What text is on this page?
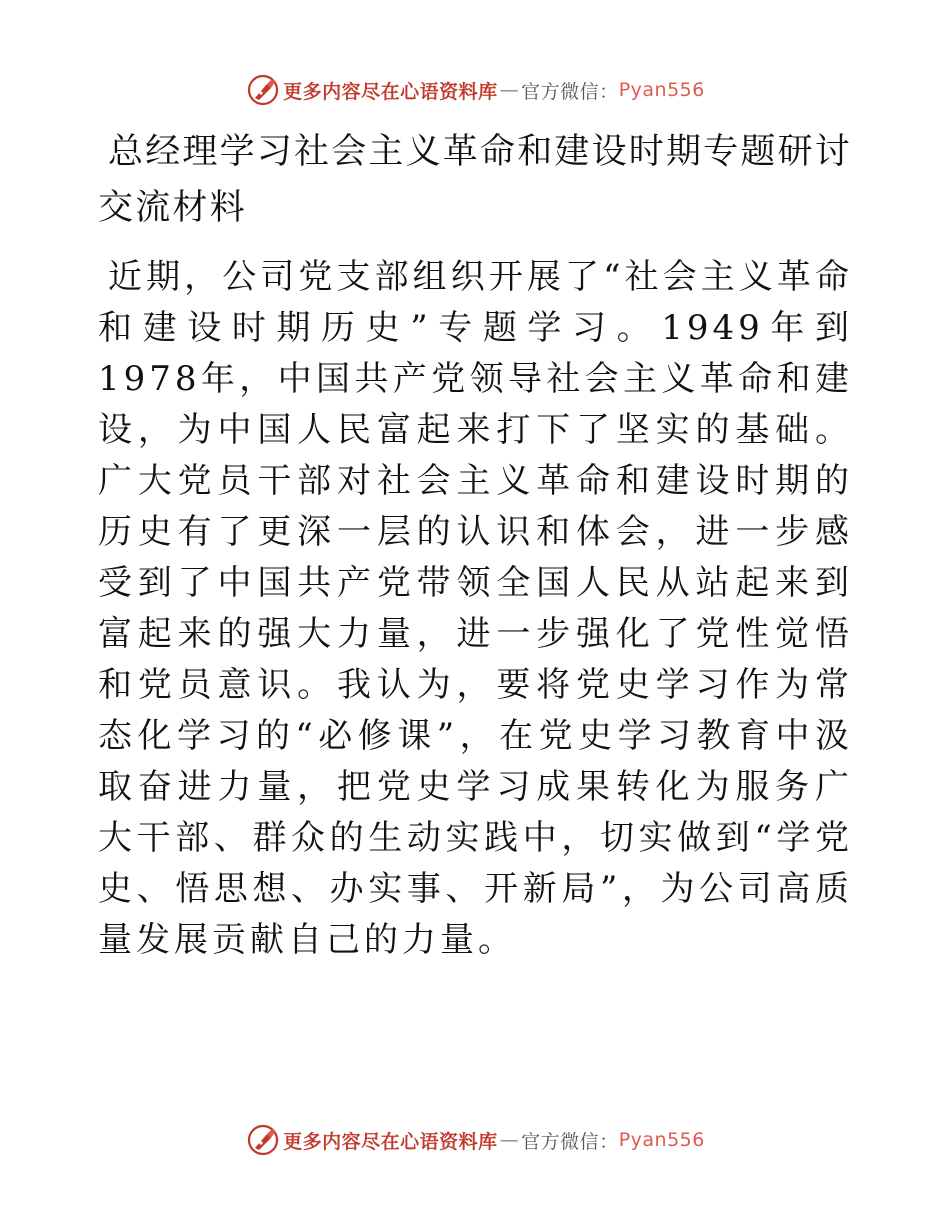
更多内容尽在心语资料库 — 官方微信： Pyan556
总经理学习社会主义革命和建设时期专题研讨交流材料

近期，公司党支部组织开展了“社会主义革命和建设时期历史”专题学习。1949年到1978年，中国共产党领导社会主义革命和建设，为中国人民富起来打下了坚实的基础。广大党员干部对社会主义革命和建设时期的历史有了更深一层的认识和体会，进一步感受到了中国共产党带领全国人民从站起来到富起来的强大力量，进一步强化了党性觉悟和党员意识。我认为，要将党史学习作为常态化学习的“必修课”，在党史学习教育中汲取奋进力量，把党史学习成果转化为服务广大干部、群众的生动实践中，切实做到“学党史、悟思想、办实事、开新局”，为公司高质量发展贡献自己的力量。

更多内容尽在心语资料库 — 官方微信： Pyan556
